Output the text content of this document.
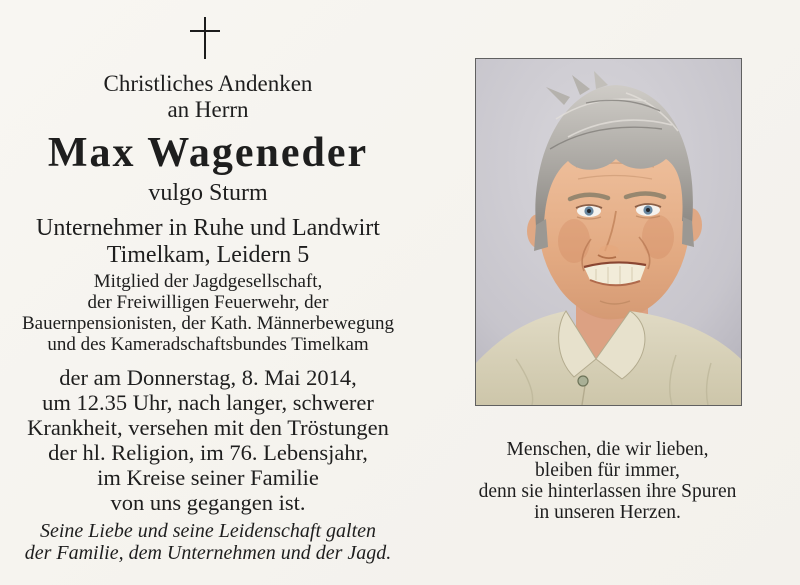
Christliches Andenken
an Herrn
Max Wageneder
vulgo Sturm
Unternehmer in Ruhe und Landwirt
Timelkam, Leidern 5
Mitglied der Jagdgesellschaft,
der Freiwilligen Feuerwehr, der
Bauernpensionisten, der Kath. Männerbewegung
und des Kameradschaftsbundes Timelkam
der am Donnerstag, 8. Mai 2014,
um 12.35 Uhr, nach langer, schwerer
Krankheit, versehen mit den Tröstungen
der hl. Religion, im 76. Lebensjahr,
im Kreise seiner Familie
von uns gegangen ist.
Seine Liebe und seine Leidenschaft galten
der Familie, dem Unternehmen und der Jagd.
Menschen, die wir lieben,
bleiben für immer,
denn sie hinterlassen ihre Spuren
in unseren Herzen.
